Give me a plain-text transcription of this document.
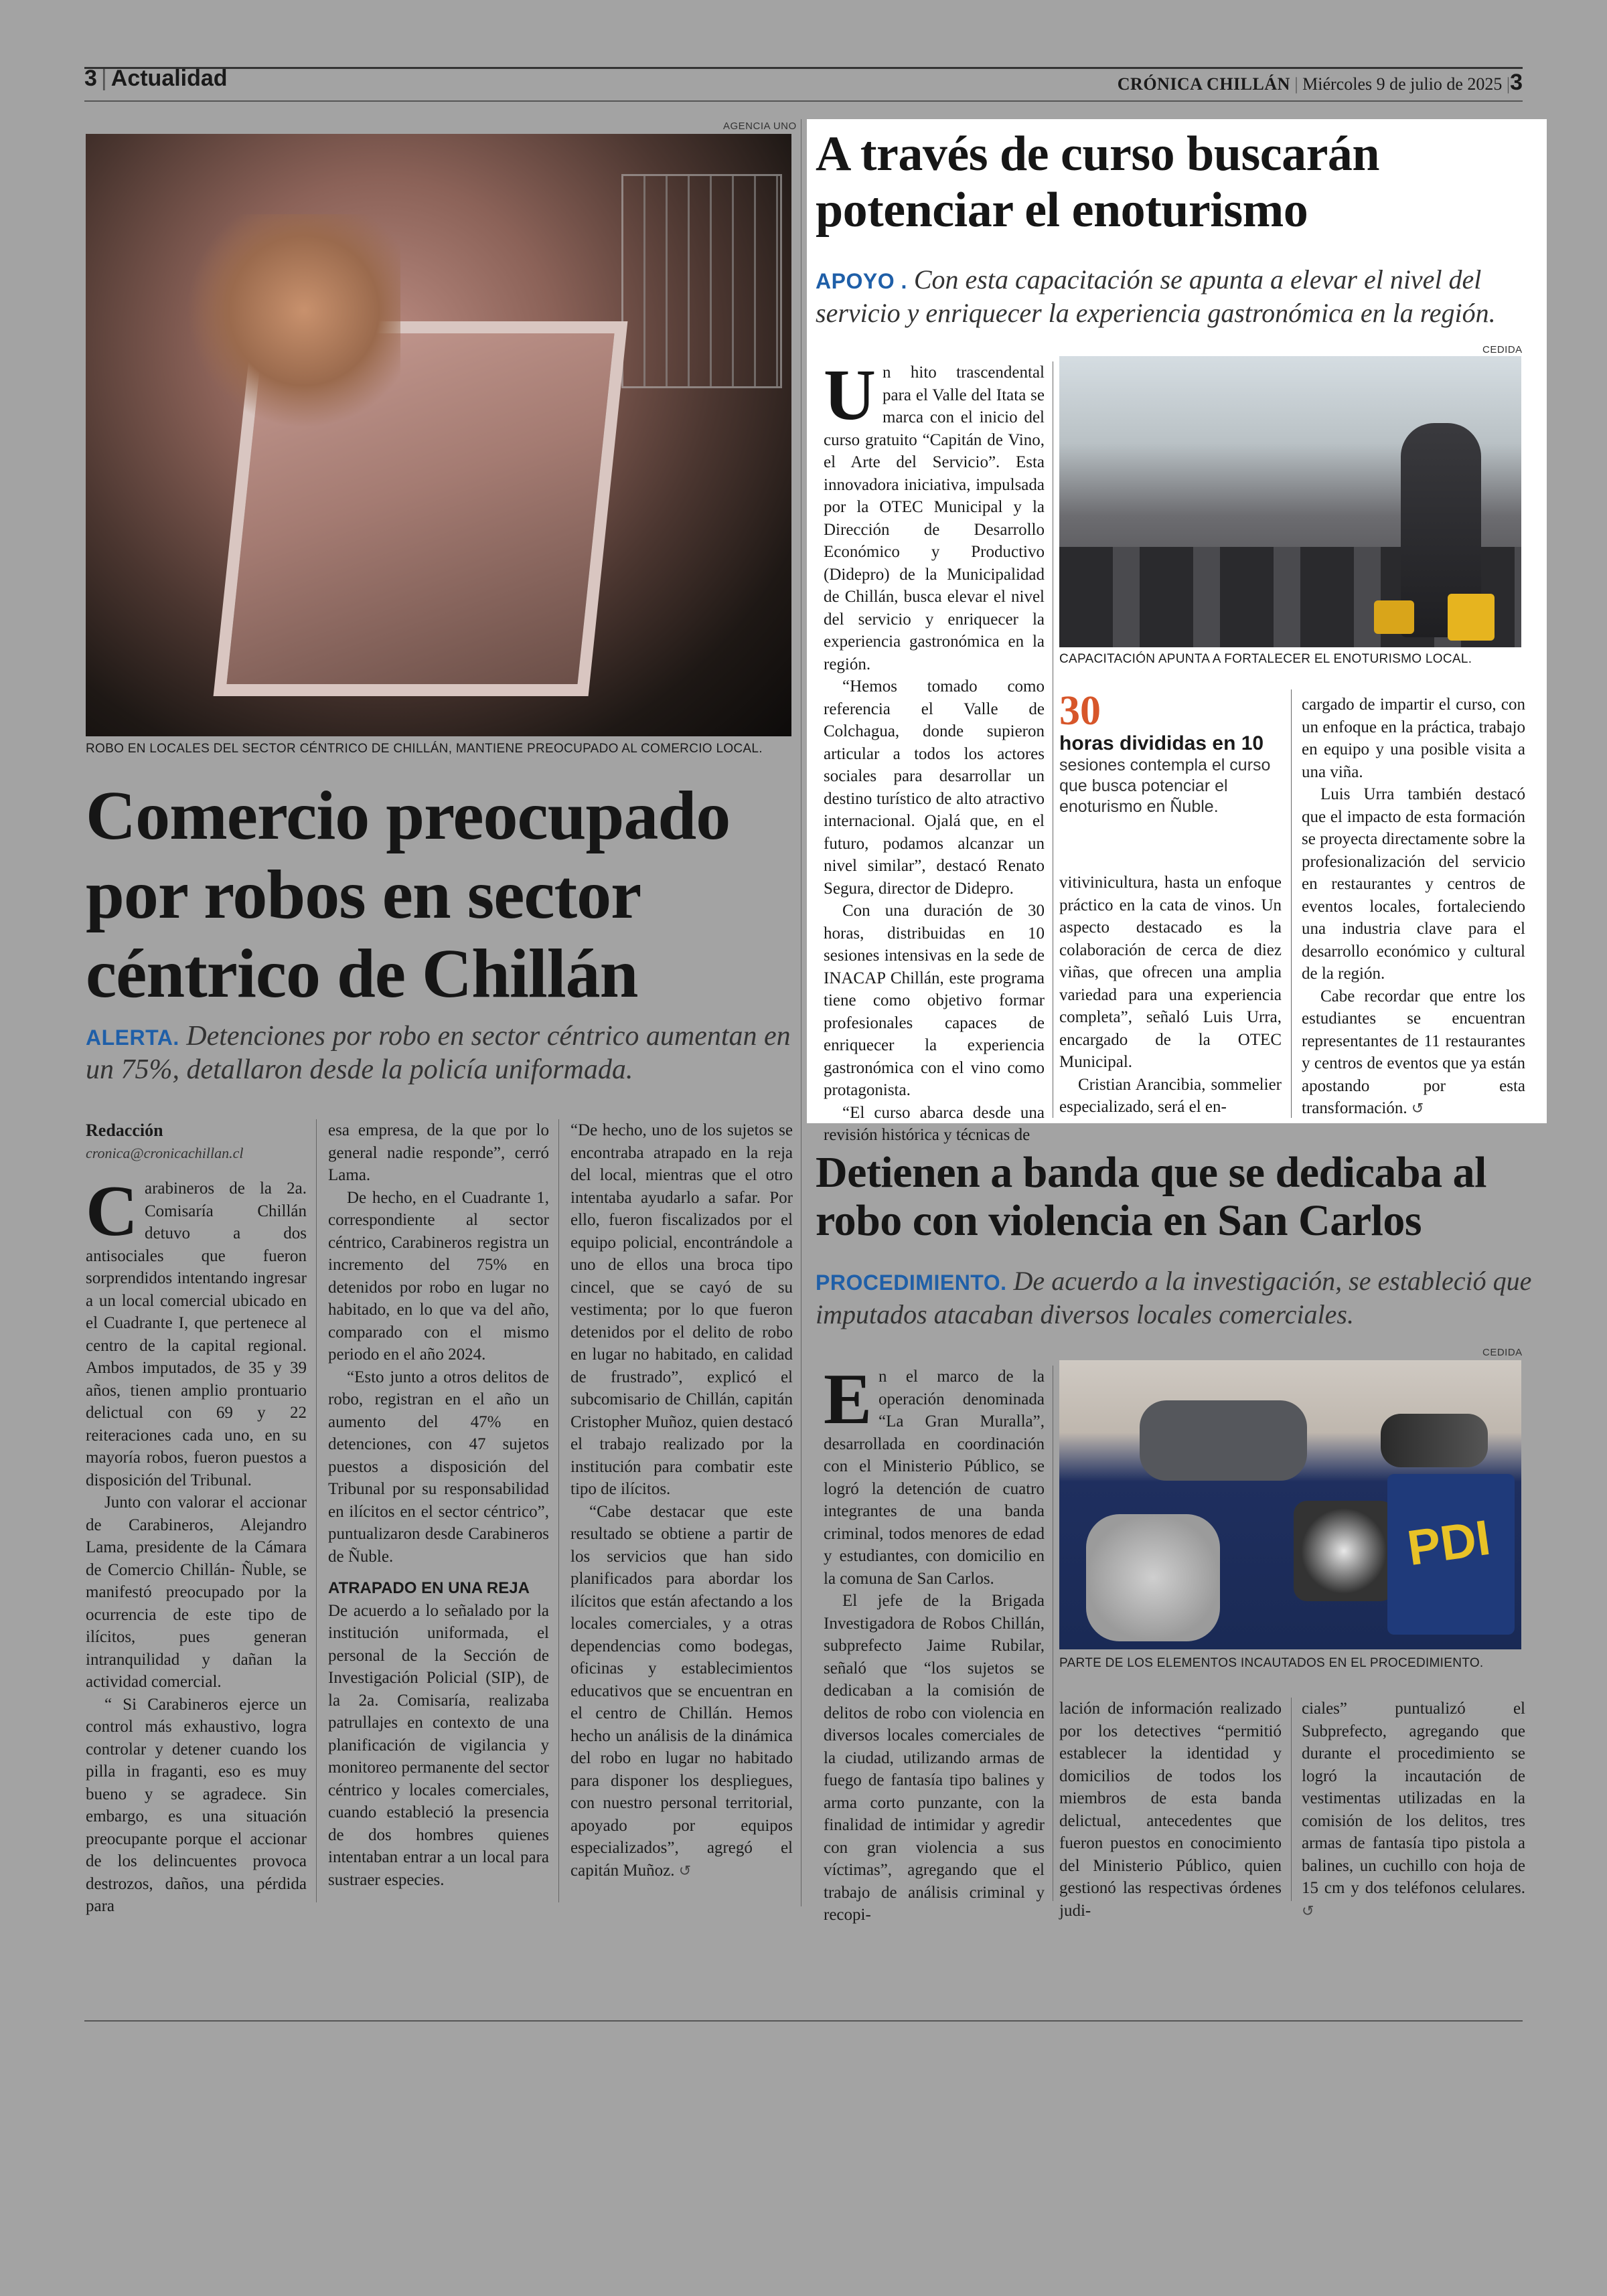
3 | Actualidad	CRÓNICA CHILLÁN | Miércoles 9 de julio de 2025 |3
AGENCIA UNO
ROBO EN LOCALES DEL SECTOR CÉNTRICO DE CHILLÁN, MANTIENE PREOCUPADO AL COMERCIO LOCAL.
Comercio preocupado por robos en sector céntrico de Chillán
ALERTA. Detenciones por robo en sector céntrico aumentan en un 75%, detallaron desde la policía uniformada.
Redacción
cronica@cronicachillan.cl

Carabineros de la 2a. Comisaría Chillán detuvo a dos antisociales que fueron sorprendidos intentando ingresar a un local comercial ubicado en el Cuadrante I, que pertenece al centro de la capital regional. Ambos imputados, de 35 y 39 años, tienen amplio prontuario delictual con 69 y 22 reiteraciones cada uno, en su mayoría robos, fueron puestos a disposición del Tribunal.

Junto con valorar el accionar de Carabineros, Alejandro Lama, presidente de la Cámara de Comercio Chillán- Ñuble, se manifestó preocupado por la ocurrencia de este tipo de ilícitos, pues generan intranquilidad y dañan la actividad comercial.

“ Si Carabineros ejerce un control más exhaustivo, logra controlar y detener cuando los pilla in fraganti, eso es muy bueno y se agradece. Sin embargo, es una situación preocupante porque el accionar de los delincuentes provoca destrozos, daños, una pérdida para

esa empresa, de la que por lo general nadie responde”, cerró Lama.

De hecho, en el Cuadrante 1, correspondiente al sector céntrico, Carabineros registra un incremento del 75% en detenidos por robo en lugar no habitado, en lo que va del año, comparado con el mismo periodo en el año 2024.

“Esto junto a otros delitos de robo, registran en el año un aumento del 47% en detenciones, con 47 sujetos puestos a disposición del Tribunal por su responsabilidad en ilícitos en el sector céntrico”, puntualizaron desde Carabineros de Ñuble.

ATRAPADO EN UNA REJA

De acuerdo a lo señalado por la institución uniformada, el personal de la Sección de Investigación Policial (SIP), de la 2a. Comisaría, realizaba patrullajes en contexto de una planificación de vigilancia y monitoreo permanente del sector céntrico y locales comerciales, cuando estableció la presencia de dos hombres quienes intentaban entrar a un local para sustraer especies.

“De hecho, uno de los sujetos se encontraba atrapado en la reja del local, mientras que el otro intentaba ayudarlo a safar. Por ello, fueron fiscalizados por el equipo policial, encontrándole a uno de ellos una broca tipo cincel, que se cayó de su vestimenta; por lo que fueron detenidos por el delito de robo en lugar no habitado, en calidad de frustrado”, explicó el subcomisario de Chillán, capitán Cristopher Muñoz, quien destacó el trabajo realizado por la institución para combatir este tipo de ilícitos.

“Cabe destacar que este resultado se obtiene a partir de los servicios que han sido planificados para abordar los ilícitos que están afectando a los locales comerciales, y a otras dependencias como bodegas, oficinas y establecimientos educativos que se encuentran en el centro de Chillán. Hemos hecho un análisis de la dinámica del robo en lugar no habitado para disponer los despliegues, con nuestro personal territorial, apoyado por equipos especializados”, agregó el capitán Muñoz. ↺

A través de curso buscarán potenciar el enoturismo
APOYO . Con esta capacitación se apunta a elevar el nivel del servicio y enriquecer la experiencia gastronómica en la región.
CEDIDA
CAPACITACIÓN APUNTA A FORTALECER EL ENOTURISMO LOCAL.

Un hito trascendental para el Valle del Itata se marca con el inicio del curso gratuito “Capitán de Vino, el Arte del Servicio”. Esta innovadora iniciativa, impulsada por la OTEC Municipal y la Dirección de Desarrollo Económico y Productivo (Didepro) de la Municipalidad de Chillán, busca elevar el nivel del servicio y enriquecer la experiencia gastronómica en la región.

“Hemos tomado como referencia el Valle de Colchagua, donde supieron articular a todos los actores sociales para desarrollar un destino turístico de alto atractivo internacional. Ojalá que, en el futuro, podamos alcanzar un nivel similar”, destacó Renato Segura, director de Didepro.

Con una duración de 30 horas, distribuidas en 10 sesiones intensivas en la sede de INACAP Chillán, este programa tiene como objetivo formar profesionales capaces de enriquecer la experiencia gastronómica con el vino como protagonista.

“El curso abarca desde una revisión histórica y técnicas de

30
horas divididas en 10
sesiones contempla el curso que busca potenciar el enoturismo en Ñuble.

vitivinicultura, hasta un enfoque práctico en la cata de vinos. Un aspecto destacado es la colaboración de cerca de diez viñas, que ofrecen una amplia variedad para una experiencia completa”, señaló Luis Urra, encargado de la OTEC Municipal.

Cristian Arancibia, sommelier especializado, será el en-

cargado de impartir el curso, con un enfoque en la práctica, trabajo en equipo y una posible visita a una viña.

Luis Urra también destacó que el impacto de esta formación se proyecta directamente sobre la profesionalización del servicio en restaurantes y centros de eventos locales, fortaleciendo una industria clave para el desarrollo económico y cultural de la región.

Cabe recordar que entre los estudiantes se encuentran representantes de 11 restaurantes y centros de eventos que ya están apostando por esta transformación. ↺

Detienen a banda que se dedicaba al robo con violencia en San Carlos
PROCEDIMIENTO. De acuerdo a la investigación, se estableció que imputados atacaban diversos locales comerciales.
CEDIDA
PDI
PARTE DE LOS ELEMENTOS INCAUTADOS EN EL PROCEDIMIENTO.

En el marco de la operación denominada “La Gran Muralla”, desarrollada en coordinación con el Ministerio Público, se logró la detención de cuatro integrantes de una banda criminal, todos menores de edad y estudiantes, con domicilio en la comuna de San Carlos.

El jefe de la Brigada Investigadora de Robos Chillán, subprefecto Jaime Rubilar, señaló que “los sujetos se dedicaban a la comisión de delitos de robo con violencia en diversos locales comerciales de la ciudad, utilizando armas de fuego de fantasía tipo balines y arma corto punzante, con la finalidad de intimidar y agredir con gran violencia a sus víctimas”, agregando que el trabajo de análisis criminal y recopi-

lación de información realizado por los detectives “permitió establecer la identidad y domicilios de todos los miembros de esta banda delictual, antecedentes que fueron puestos en conocimiento del Ministerio Público, quien gestionó las respectivas órdenes judi-

ciales” puntualizó el Subprefecto, agregando que durante el procedimiento se logró la incautación de vestimentas utilizadas en la comisión de los delitos, tres armas de fantasía tipo pistola a balines, un cuchillo con hoja de 15 cm y dos teléfonos celulares. ↺
